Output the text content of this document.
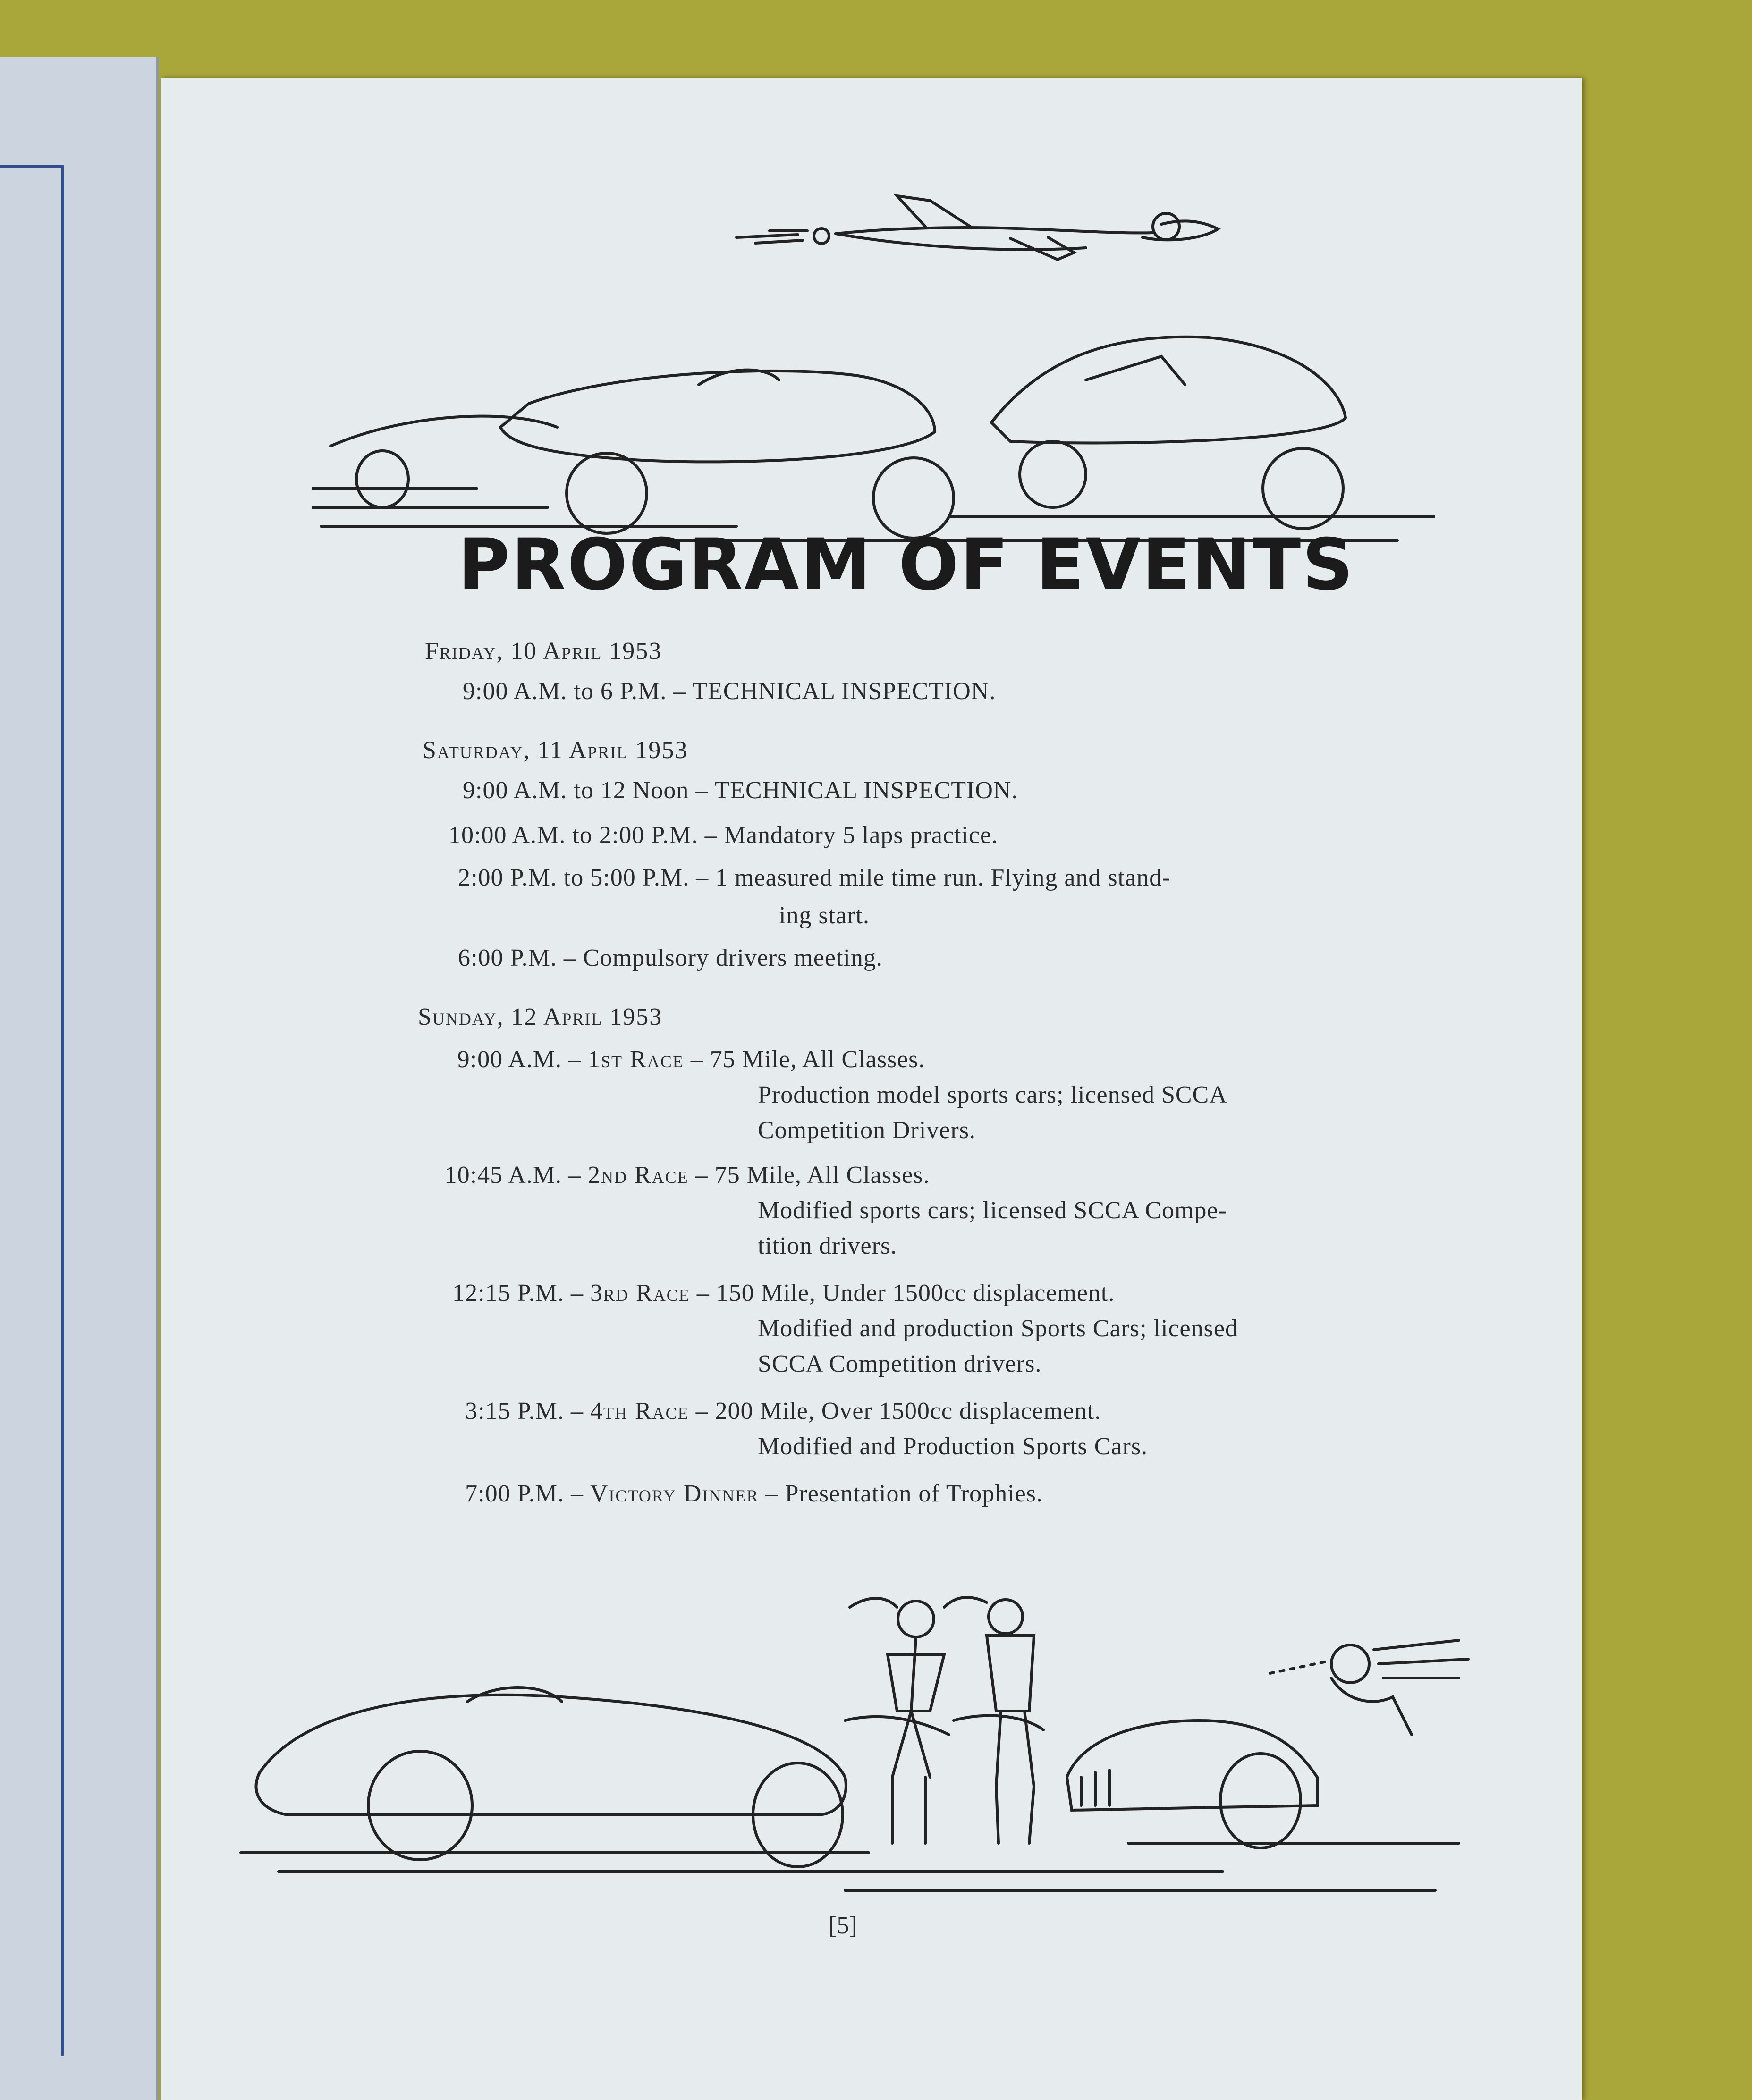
PROGRAM OF EVENTS
Friday, 10 April 1953
9:00 A.M. to 6 P.M. – TECHNICAL INSPECTION.
Saturday, 11 April 1953
9:00 A.M. to 12 Noon – TECHNICAL INSPECTION.
10:00 A.M. to 2:00 P.M. – Mandatory 5 laps practice.
2:00 P.M. to 5:00 P.M. – 1 measured mile time run. Flying and stand-
ing start.
6:00 P.M. – Compulsory drivers meeting.
Sunday, 12 April 1953
9:00 A.M. – 1st Race – 75 Mile, All Classes.
Production model sports cars; licensed SCCA
Competition Drivers.
10:45 A.M. – 2nd Race – 75 Mile, All Classes.
Modified sports cars; licensed SCCA Compe-
tition drivers.
12:15 P.M. – 3rd Race – 150 Mile, Under 1500cc displacement.
Modified and production Sports Cars; licensed
SCCA Competition drivers.
3:15 P.M. – 4th Race – 200 Mile, Over 1500cc displacement.
Modified and Production Sports Cars.
7:00 P.M. – Victory Dinner – Presentation of Trophies.
[5]
